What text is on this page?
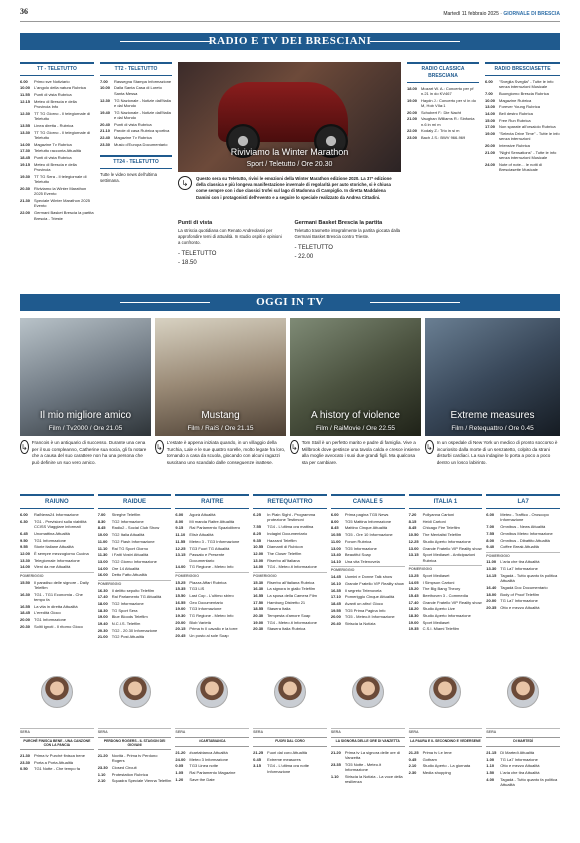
36	Martedì 11 febbraio 2025 · GIORNALE DI BRESCIA
RADIO E TV DEI BRESCIANI
TT - TELETUTTO
6.00	Primo sve Notiziario
10.00 L'angolo della natura Rubrica
11.55	Punti di vista Rubrica
12.15 Meteo di Brescia e della Provincia Info
12.30 TT TG Giorno - Il telegiornale di Teletutto
13.55 Linea diretta - Rubrica
13.30 TT TG Giorno - Il telegiornale di Teletutto
14.00 Magazine Tv Rubrica
17.30 Teletutto racconta Attualità
18.45 Punti di vista Rubrica
19.15 Meteo di Brescia e della Provincia
19.30 TT TG Sera - Il telegiornale di Teletutto
20.30 Riviviamo la Winter Marathon 2025 Evento
21.30 Speciale Winter Marathon 2025 Evento
22.00 Germani Basket Brescia la partita Brescia - Trieste
TT2 - TELETUTTO
7.00	Rassegna Stampa Informazione
10.00 Dalla Santa Casa di Loreto Santa Messa
12.30 TG Nazionale - Notizie dall'Italia e dal Mondo
19.40 TG Nazionale - Notizie dall'Italia e dal Mondo
20.40 Punti di vista Rubrica
21.10 Parole di casa Rubrica sportiva
22.40 Magazine Tv Rubrica
23.30 Music d'Europa Documentario
TT24 - TELETUTTO
Tutte le video news dell'ultima settimana.
Riviviamo la Winter Marathon
Sport / Teletutto / Ore 20.30
↳
Questo sera su Teletutto, rivivi le emozioni della Winter Marathon edizione 2020. La 37ª edizione della classica e più longeva manifestazione invernale di regolarità per auto storiche, si è chiusa come sempre con i due classici trofei sul lago di Madonna di Campiglio. In diretta Maddalena Damini con i protagonisti dell'evento e a seguire lo speciale realizzato da Andrea Cittadini.
Punti di vista

La striscia quotidiana con Renato Andreolassi per approfondire temi di attualità. In studio ospiti e opinioni a confronto.

- TELETUTTO
- 18.50
Germani Basket Brescia la partita

Teletutto trasmette integralmente la partita giocata dalla Germani Basket Brescia contro Trieste.

- TELETUTTO
- 22.00
RADIO CLASSICA BRESCIANA
18.00 Mozart W. A.: Concerto per pf n.21 in do KV467
19.00 Haydn J.: Concerto per vl in do M, Hob VIIa:1
20.00 Schubert F.: Die Nacht
21.00 Vaughan Williams R.: Sinfonia n.6 in mi m
22.00 Kodaly Z.: Trio in si m
23.00 Bach J.S.: BWV 966-969
RADIO BRESCIASETTE
6.00	"Sveglia Sveglia" - Tutte le info senza interruzioni Musicale
7.00	Buongiorno Brescia Rubrica
10.00 Magazine Rubrica
13.00 Forever Young Rubrica
14.00 Bell destro Rubrica
15.00 Free Run Rubrica
17.00 Non sparate all'orsaiolo Rubrica
19.00 "Selecta Drive Time" - Tutte le info senza interruzioni
20.00 Intensive Rubrica
21.00 "Night Sensations" - Tutte le info senza interruzioni Musicale
24.00 Note of note… le notti di Bresciasette Musicale
OGGI IN TV
Il mio migliore amico
Film / Tv2000 / Ore 21.05
Mustang
Film / RaiS / Ore 21.15
A history of violence
Film / RaiMovie / Ore 22.55
Extreme measures
Film / Retequattro / Ore 0.45
↳
Francois è un antiquario di successo. Durante una cena per il suo compleanno, Catherine sua socia, gli fa notare che a causa del suo carattere non ha una persona che può definire un suo vero amico.
↳
L'estate è appena iniziata quando, in un villaggio della Turchia, Lale e le sue quattro sorelle, molto legate fra loro, tornando a casa da scuola, giocando con alcuni ragazzi suscitano uno scandalo dalle conseguenze inattese.
↳
Tom Stall è un perfetto marito e padre di famiglia. Vive a Millbrook dove gestisce una tavola calda e cresce insieme alla moglie avvocato i suoi due grandi figli. Ma qualcosa sta per cambiare.
↳
In un ospedale di New York un medico di pronto soccorso è incuriosito dalla morte di un senzatetto, colpito da strani disturbi cardiaci. La sua indagine lo porta a poco a poco dentro un losco labirinto.
RAIUNO
6.00	RaiNews24 Informazione
6.30	TG1 - Previsioni sulla viabilità CCISS Viaggiare informati
6.45	Unomattina Attualità
9.50	TG1 Informazione
9.55	Storie italiane Attualità
12.00 È sempre mezzogiorno Cucina
13.30 Telegiornale Informazione
14.00 Vieni da me Attualità
POMERIGGIO
15.50 Il paradiso delle signore - Daily Telefilm
16.30 TG1 - TG1 Economia - Che tempo fa
16.55 La vita in diretta Attualità
18.45 L'eredità Gioco
20.00 TG1 Informazione
20.30 Soliti ignoti - Il ritorno Gioco
RAIDUE
7.00	Streghe Telefilm
8.30	TG2 Informazione
8.45	Radio2 - Social Club Show
10.00 TG2 Italia Attualità
11.00	TG2 Flash Informazione
11.10	Rai TG Sport Giorno
11.30	I Fatti Vostri Attualità
13.00 TG2 Giorno Informazione
14.00 Ore 14 Attualità
16.00 Detto Fatto Attualità
POMERIGGIO
16.30 Il delitto sepolto Telefilm
17.40 Rai Parlamento TG Attualità
18.00 TG2 Informazione
18.30 TG Sport Sera
19.00 Blue Bloods Telefilm
19.40 N.C.I.S. Telefilm
20.30 TG2 - 20.30 Informazione
21.00 TG2 Post Attualità
RAITRE
6.00	Agorà Attualità
8.00	Mi manda Raitre Attualità
9.15	Rai Parlamento Spaziolibero
11.10	Elisir Attualità
11.55	Meteo 3 - TG3 Informazione
12.25 TG3 Fuori TG Attualità
13.15 Passato e Presente Documentario
14.00 TG Regione - Meteo Info
POMERIGGIO
15.25 Piazza Affari Rubrica
15.35 TG3 LIS
15.50 Last Cop - L'ultimo sbirro
16.55 Geo Documentario
19.00 TG3 Informazione
19.30 TG Regione - Meteo Info
20.00 Blob Varietà
20.15 Prima tv Il cavallo e la torre
20.45 Un posto al sole Soap
RETEQUATTRO
6.25	In Plain Sight - Programma protezione Testimoni
7.55	TG4 - L'ultima ora mattina
8.25	Indagini Documentario
9.35	Hazzard Telefilm
10.55 Diamanti di Rubicon
12.00 The Closer Telefilm
13.00 Riserbo all'Italiana
14.00 TG4 - Meteo.it Informazione
POMERIGGIO
15.30 Riserbo all'italiana Rubrica
16.30 La signora in giallo Telefilm
16.55 La sposa della Camera Film
17.50 Hamburg Distretto 21
18.55 Stasera Italia
20.30 Tempesta d'amore Soap
19.00 TG4 - Meteo.it Informazione
20.30 Stasera Italia Rubrica
CANALE 5
6.00	Prima pagina TG5 News
8.00	TG5 Mattina Informazione
8.45	Mattino Cinque Attualità
10.55 TG5 - Ore 10 Informazione
11.00	Forum Rubrica
13.00 TG5 Informazione
13.40 Beautiful Soap
14.10 Una vita Telenovela
POMERIGGIO
14.45 Uomini e Donne Talk show
16.10 Grande Fratello VIP Reality show
16.35 Il segreto Telenovela
17.10 Pomeriggio Cinque Attualità
18.45 Avanti un altro! Gioco
19.55 TG5 Prima Pagina Info
20.00 TG5 - Meteo.it Informazione
20.40 Striscia la Notizia
ITALIA 1
7.20	Pollyanna Cartoni
8.15	Heidi Cartoni
8.45	Chicago Fire Telefilm
10.50 The Mentalist Telefilm
12.25 Studio Aperto Informazione
13.00 Grande Fratello VIP Reality show
13.15 Sport Mediaset - Anticipazioni Rubrica
POMERIGGIO
13.25 Sport Mediaset
14.05 I Simpson Cartoni
15.20 The Big Bang Theory
15.45 Beethoven 3 - Commedia
17.40 Grande Fratello VIP Reality show
18.20 Studio Aperto Live
18.30 Studio Aperto Informazione
19.00 Sport Mediaset
19.35 C.S.I. Miami Telefilm
LA7
6.00	Meteo - Traffico - Oroscopo Informazione
7.00	Omnibus - News Attualità
7.55	Omnibus Meteo Informazione
8.00	Omnibus - Dibattito Attualità
9.40	Coffee Break Attualità
POMERIGGIO
11.00	L'aria che tira Attualità
13.30 TG La7 Informazione
14.15 Tagadà - Tutto quanto fa politica Attualità
16.40 Tagadà Doc Documentario
18.00 Body of Proof Telefilm
20.00 TG La7 Informazione
20.35 Otto e mezzo Attualità
SERA
PURCHÉ FINISCA BENE - UNA CANZONE CON LA PANCIA
21.30 Prima tv Purché finisca bene
23.30 Porta a Porta Attualità
0.50	TG1 Notte - Che tempo fa
SERA
PERDONO ROGERS - IL STAGION DEI GIOVANI
21.20 Novità - Prima tv Perdono Rogers
23.30 Closed Circuit
1.10	Protestation Rubrica
2.10	Squadra Speciale Vienna Telefilm
SERA
#CARTABIANCA
21.20 #cartabianca Attualità
24.00 Meteo 3 Informazione
0.05	TG3 Linea notte
1.05	Rai Parlamento Magazine
1.20	Save the Date
SERA
FUORI DAL CORO
21.25 Fuori dal coro Attualità
0.45	Extreme measures
3.15	TG4 - L'ultima ora notte Informazione
SERA
LA SIGNORA DELLE ORE DI VANZETTA
21.20 Prima tv La signora delle ore di Vanzetta
23.35 TG5 Notte - Meteo.it Informazione
1.10	Striscia la Notizia - La voce della resilienza
SERA
LA PAURA E IL SECONDINO E VEDERSENE
21.25 Prima tv Le Iene
0.45	Gotham
2.10	Studio Aperto - La giornata
2.30	Media shopping
SERA
DI MARTEDÌ
21.15 Di Martedì Attualità
1.00	TG La7 Informazione
1.10	Otto e mezzo Attualità
1.50	L'aria che tira Attualità
4.00	Tagadà - Tutto quanto fa politica Attualità
